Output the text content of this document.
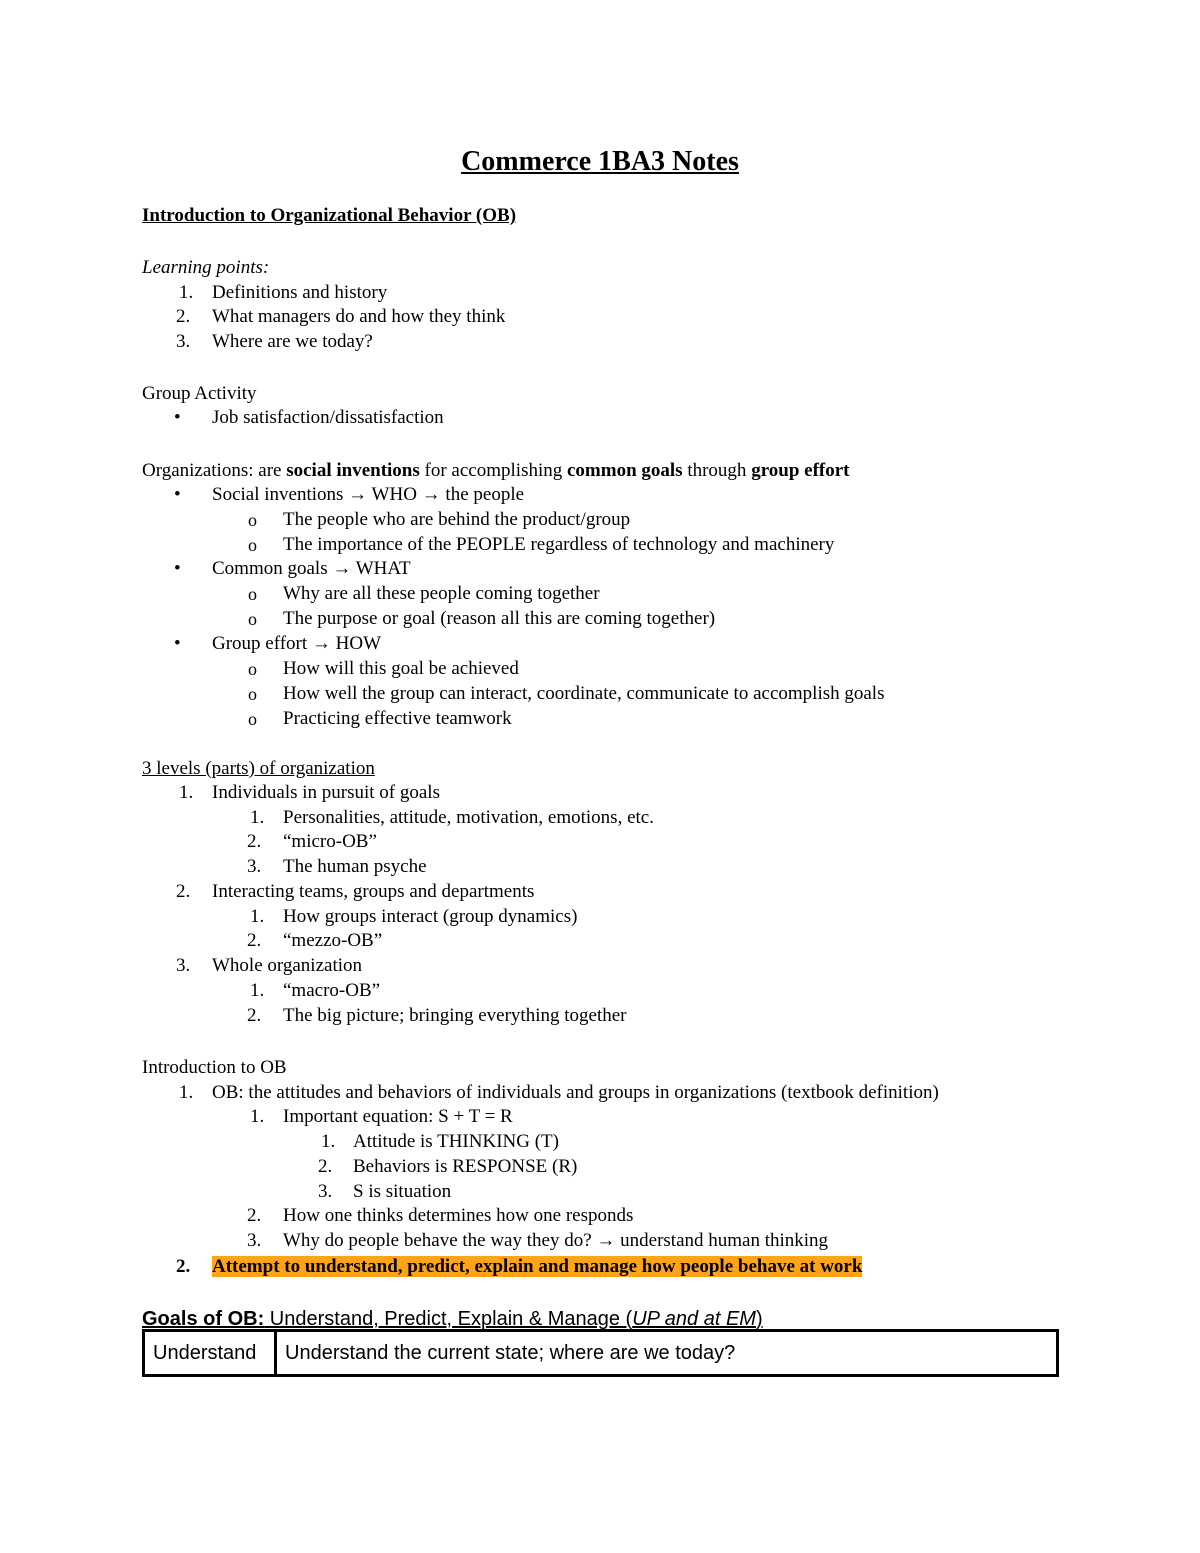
Commerce 1BA3 Notes
Introduction to Organizational Behavior (OB)
Learning points:
1. Definitions and history
2. What managers do and how they think
3. Where are we today?
Group Activity
• Job satisfaction/dissatisfaction
Organizations: are social inventions for accomplishing common goals through group effort
• Social inventions → WHO → the people
o The people who are behind the product/group
o The importance of the PEOPLE regardless of technology and machinery
• Common goals → WHAT
o Why are all these people coming together
o The purpose or goal (reason all this are coming together)
• Group effort → HOW
o How will this goal be achieved
o How well the group can interact, coordinate, communicate to accomplish goals
o Practicing effective teamwork
3 levels (parts) of organization
1. Individuals in pursuit of goals
1. Personalities, attitude, motivation, emotions, etc.
2. “micro-OB”
3. The human psyche
2. Interacting teams, groups and departments
1. How groups interact (group dynamics)
2. “mezzo-OB”
3. Whole organization
1. “macro-OB”
2. The big picture; bringing everything together
Introduction to OB
1. OB: the attitudes and behaviors of individuals and groups in organizations (textbook definition)
1. Important equation: S + T = R
1. Attitude is THINKING (T)
2. Behaviors is RESPONSE (R)
3. S is situation
2. How one thinks determines how one responds
3. Why do people behave the way they do? → understand human thinking
2. Attempt to understand, predict, explain and manage how people behave at work
Goals of OB: Understand, Predict, Explain & Manage (UP and at EM)
Understand	Understand the current state; where are we today?
